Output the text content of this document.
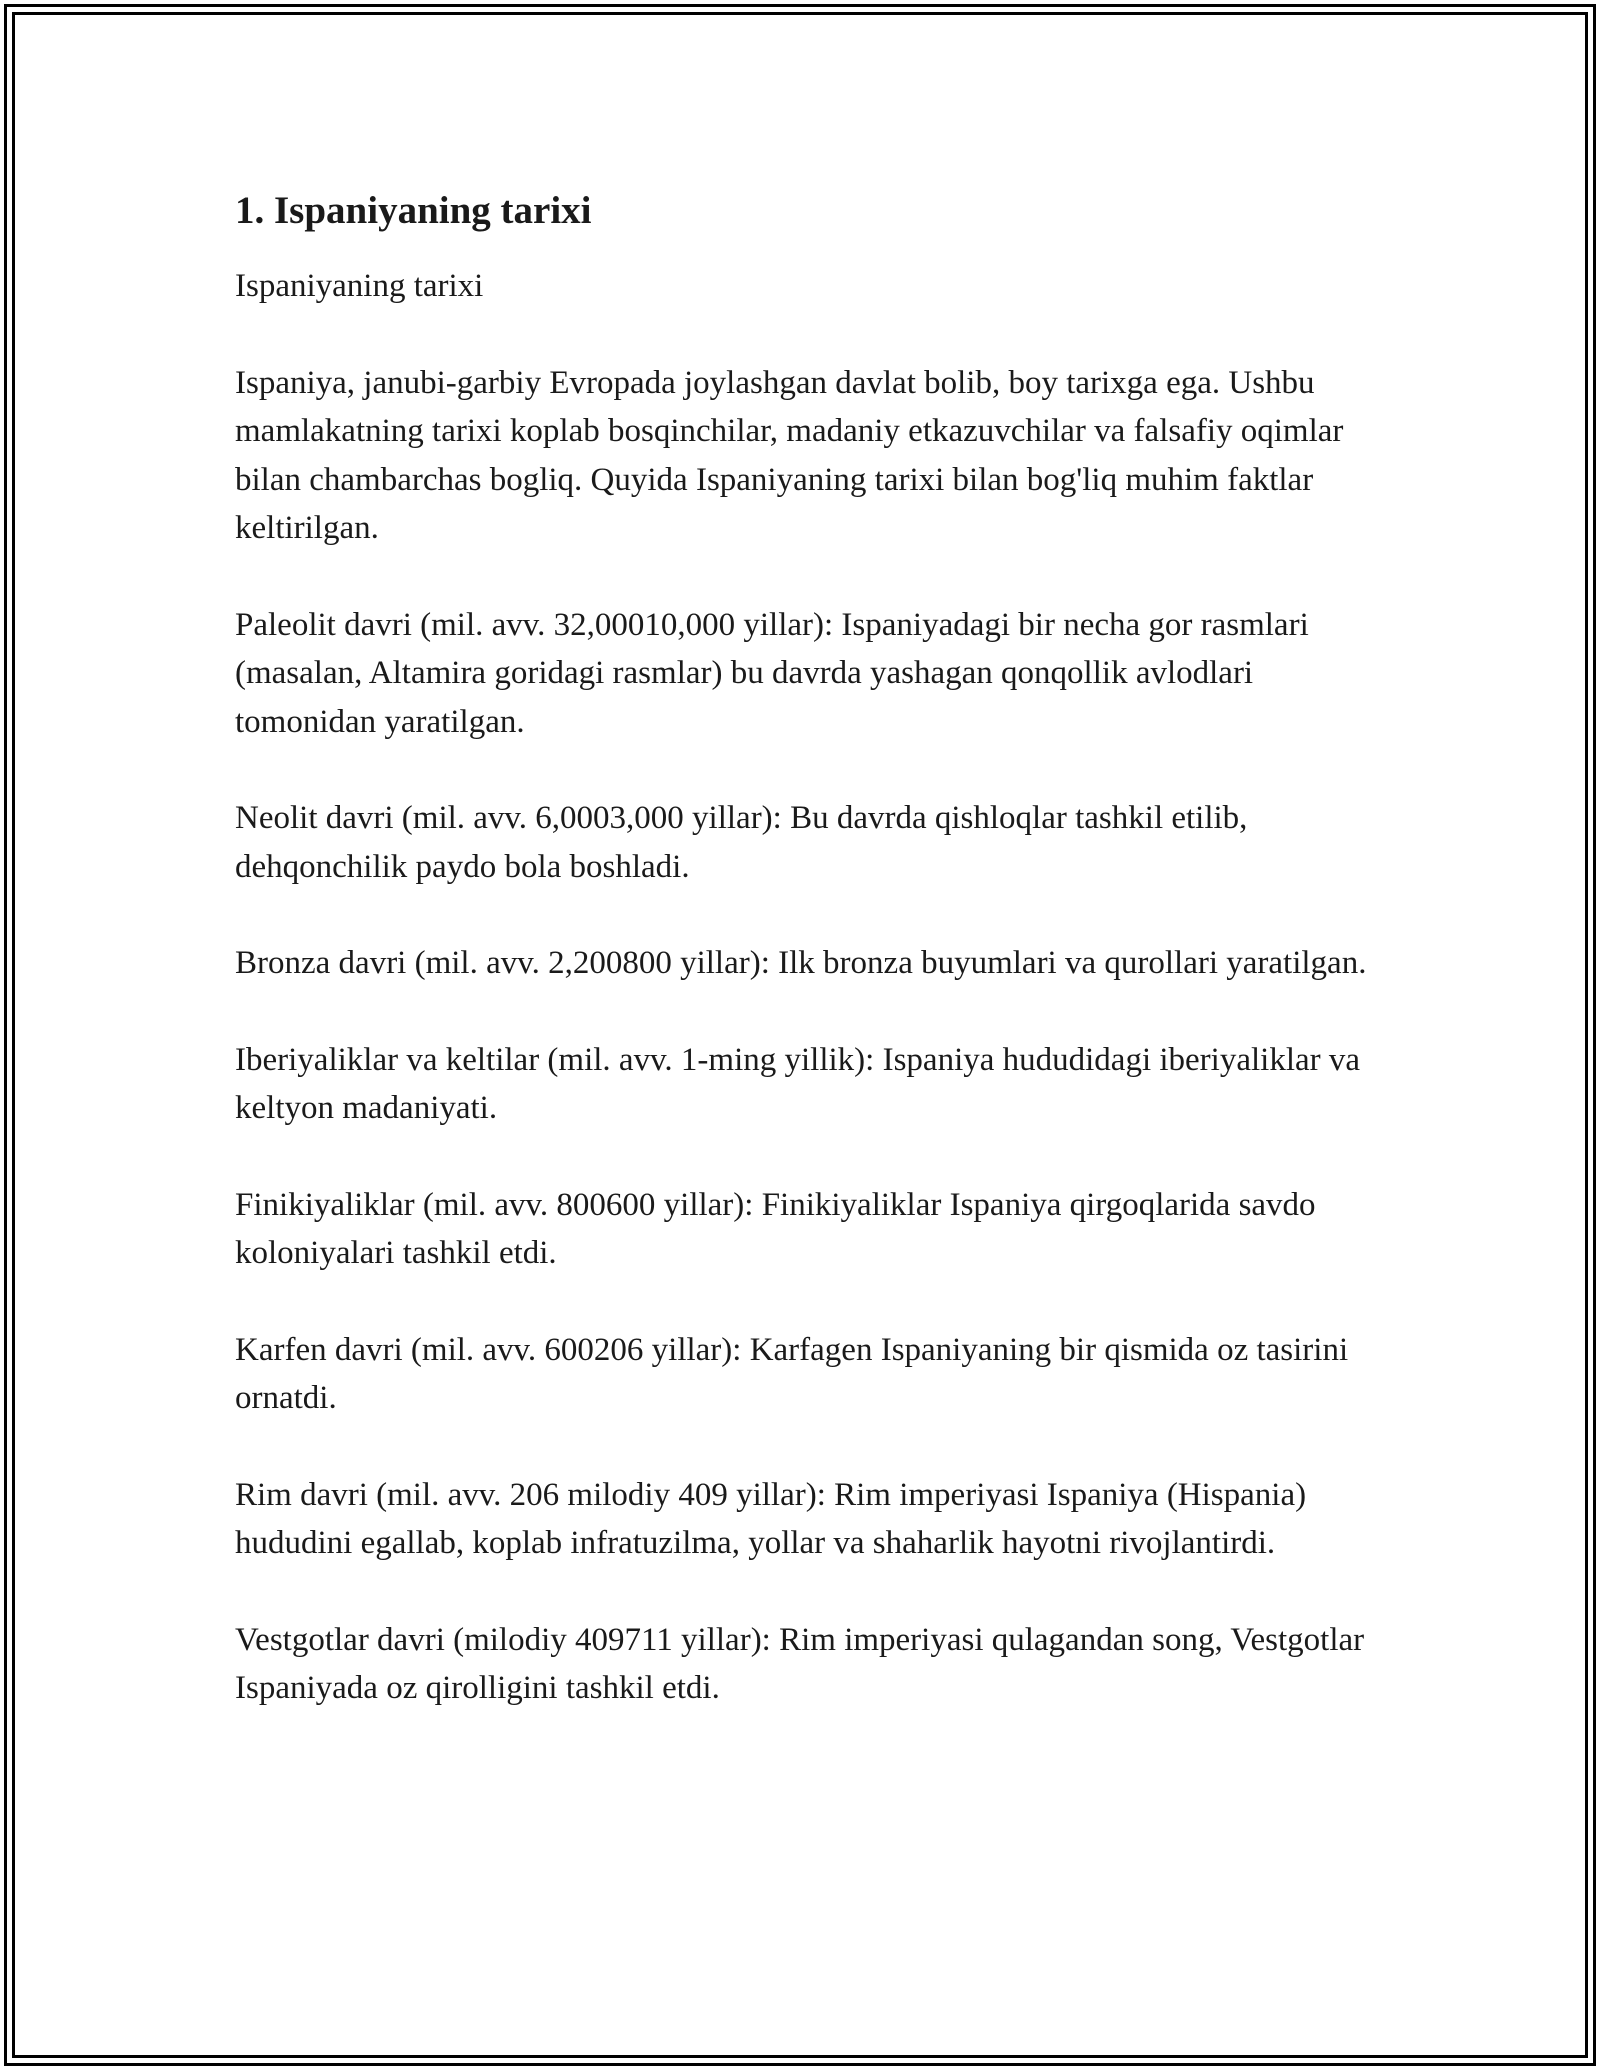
1. Ispaniyaning tarixi

Ispaniyaning tarixi

Ispaniya, janubi-garbiy Evropada joylashgan davlat bolib, boy tarixga ega. Ushbu mamlakatning tarixi koplab bosqinchilar, madaniy etkazuvchilar va falsafiy oqimlar bilan chambarchas bogliq. Quyida Ispaniyaning tarixi bilan bog'liq muhim faktlar keltirilgan.

Paleolit davri (mil. avv. 32,00010,000 yillar): Ispaniyadagi bir necha gor rasmlari (masalan, Altamira goridagi rasmlar) bu davrda yashagan qonqollik avlodlari tomonidan yaratilgan.

Neolit davri (mil. avv. 6,0003,000 yillar): Bu davrda qishloqlar tashkil etilib, dehqonchilik paydo bola boshladi.

Bronza davri (mil. avv. 2,200800 yillar): Ilk bronza buyumlari va qurollari yaratilgan.

Iberiyaliklar va keltilar (mil. avv. 1-ming yillik): Ispaniya hududidagi iberiyaliklar va keltyon madaniyati.

Finikiyaliklar (mil. avv. 800600 yillar): Finikiyaliklar Ispaniya qirgoqlarida savdo koloniyalari tashkil etdi.

Karfen davri (mil. avv. 600206 yillar): Karfagen Ispaniyaning bir qismida oz tasirini ornatdi.

Rim davri (mil. avv. 206 milodiy 409 yillar): Rim imperiyasi Ispaniya (Hispania) hududini egallab, koplab infratuzilma, yollar va shaharlik hayotni rivojlantirdi.

Vestgotlar davri (milodiy 409711 yillar): Rim imperiyasi qulagandan song, Vestgotlar Ispaniyada oz qirolligini tashkil etdi.
